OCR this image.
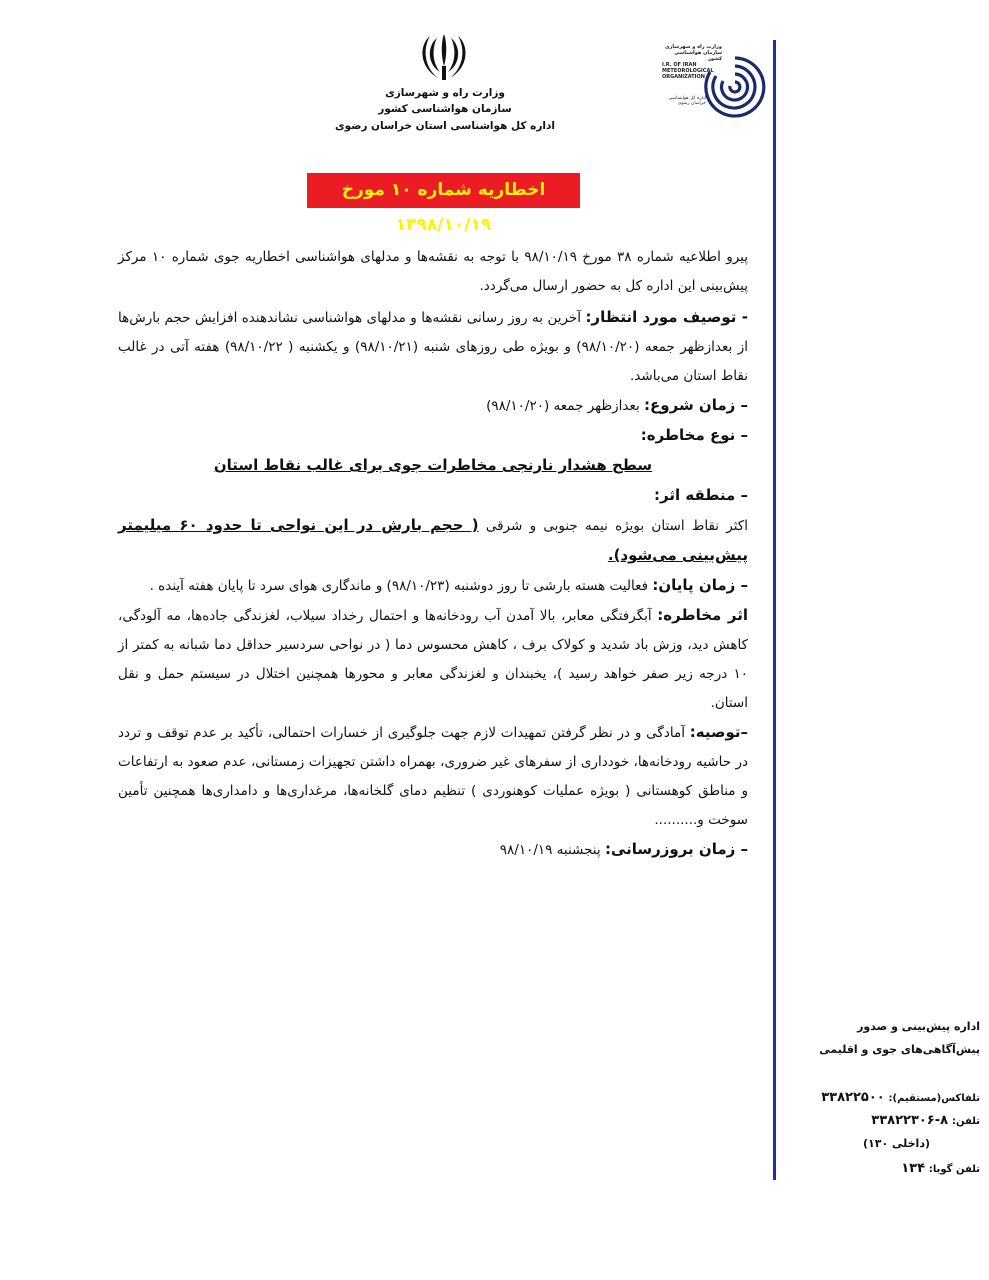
وزارت راه و شهرسازی
سازمان هواشناسی کشور
اداره کل هواشناسی استان خراسان رضوی
وزارت راه و شهرسازی
سازمان هواشناسی کشور
I.R. OF IRAN
METEOROLOGICAL
ORGANIZATION
اداره کل هواشناسی خراسان رضوی
اخطاریه شماره ۱۰ مورخ ۱۳۹۸/۱۰/۱۹

پیرو اطلاعیه شماره ۳۸ مورخ ۹۸/۱۰/۱۹ با توجه به نقشه‌ها و مدلهای هواشناسی اخطاریه جوی شماره ۱۰ مرکز پیش‌بینی این اداره کل به حضور ارسال می‌گردد.

- توصیف مورد انتظار: آخرین به روز رسانی نقشه‌ها و مدلهای هواشناسی نشاندهنده افزایش حجم بارش‌ها از بعدازظهر جمعه (۹۸/۱۰/۲۰) و بویژه طی روزهای شنبه (۹۸/۱۰/۲۱) و یکشنبه ( ۹۸/۱۰/۲۲) هفته آتی در غالب نقاط استان می‌باشد.

– زمان شروع: بعدازظهر جمعه (۹۸/۱۰/۲۰)

– نوع مخاطره:

سطح هشدار نارنجی مخاطرات جوی برای غالب نقاط استان

– منطقه اثر:

اکثر نقاط استان بویژه نیمه جنوبی و شرقی ( حجم بارش در این نواحی تا حدود ۶۰ میلیمتر پیش‌بینی می‌شود).

– زمان پایان: فعالیت هسته بارشی تا روز دوشنبه (۹۸/۱۰/۲۳) و ماندگاری هوای سرد تا پایان هفته آینده .

اثر مخاطره: آبگرفتگی معابر، بالا آمدن آب رودخانه‌ها و احتمال رخداد سیلاب، لغزندگی جاده‌ها، مه آلودگی، کاهش دید، وزش باد شدید و کولاک برف ، کاهش محسوس دما ( در نواحی سردسیر حداقل دما شبانه به کمتر از ۱۰ درجه زیر صفر خواهد رسید )، یخبندان و لغزندگی معابر و محورها همچنین اختلال در سیستم حمل و نقل استان.

–توصیه: آمادگی و در نظر گرفتن تمهیدات لازم جهت جلوگیری از خسارات احتمالی، تأکید بر عدم توقف و تردد در حاشیه رودخانه‌ها، خودداری از سفرهای غیر ضروری، بهمراه داشتن تجهیزات زمستانی، عدم صعود به ارتفاعات و مناطق کوهستانی ( بویژه عملیات کوهنوردی ) تنظیم دمای گلخانه‌ها، مرغداری‌ها و دامداری‌ها همچنین تأمین سوخت و..........

– زمان بروزرسانی: پنجشنبه ۹۸/۱۰/۱۹

اداره پیش‌بینی و صدور
پیش‌آگاهی‌های جوی و اقلیمی
تلفاکس(مستقیم): ۳۳۸۲۲۵۰۰
تلفن: ۸-۳۳۸۲۲۳۰۶
(داخلی ۱۳۰)
تلفن گویا: ۱۳۴
